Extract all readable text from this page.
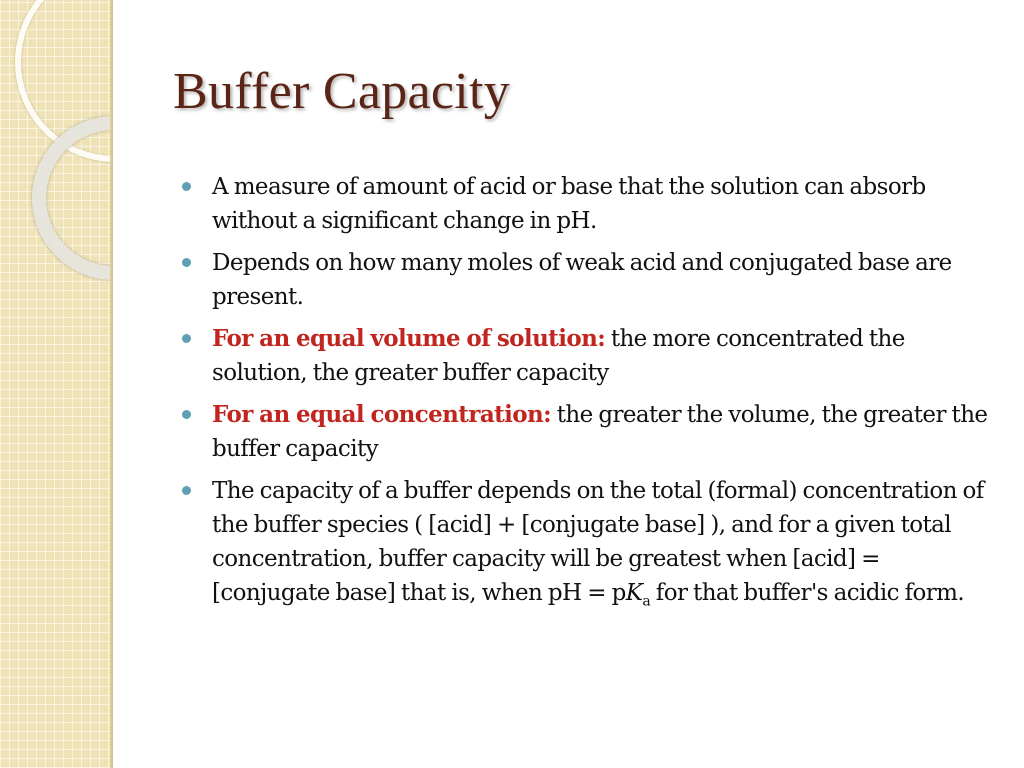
Buffer Capacity
A measure of amount of acid or base that the solution can absorb without a significant change in pH.
Depends on how many moles of weak acid and conjugated base are present.
For an equal volume of solution: the more concentrated the solution, the greater buffer capacity
For an equal concentration: the greater the volume, the greater the buffer capacity
The capacity of a buffer depends on the total (formal) concentration of the buffer species ( [acid] + [conjugate base] ), and for a given total concentration, buffer capacity will be greatest when [acid] = [conjugate base] that is, when pH = $pK_a$ for that buffer's acidic form.
